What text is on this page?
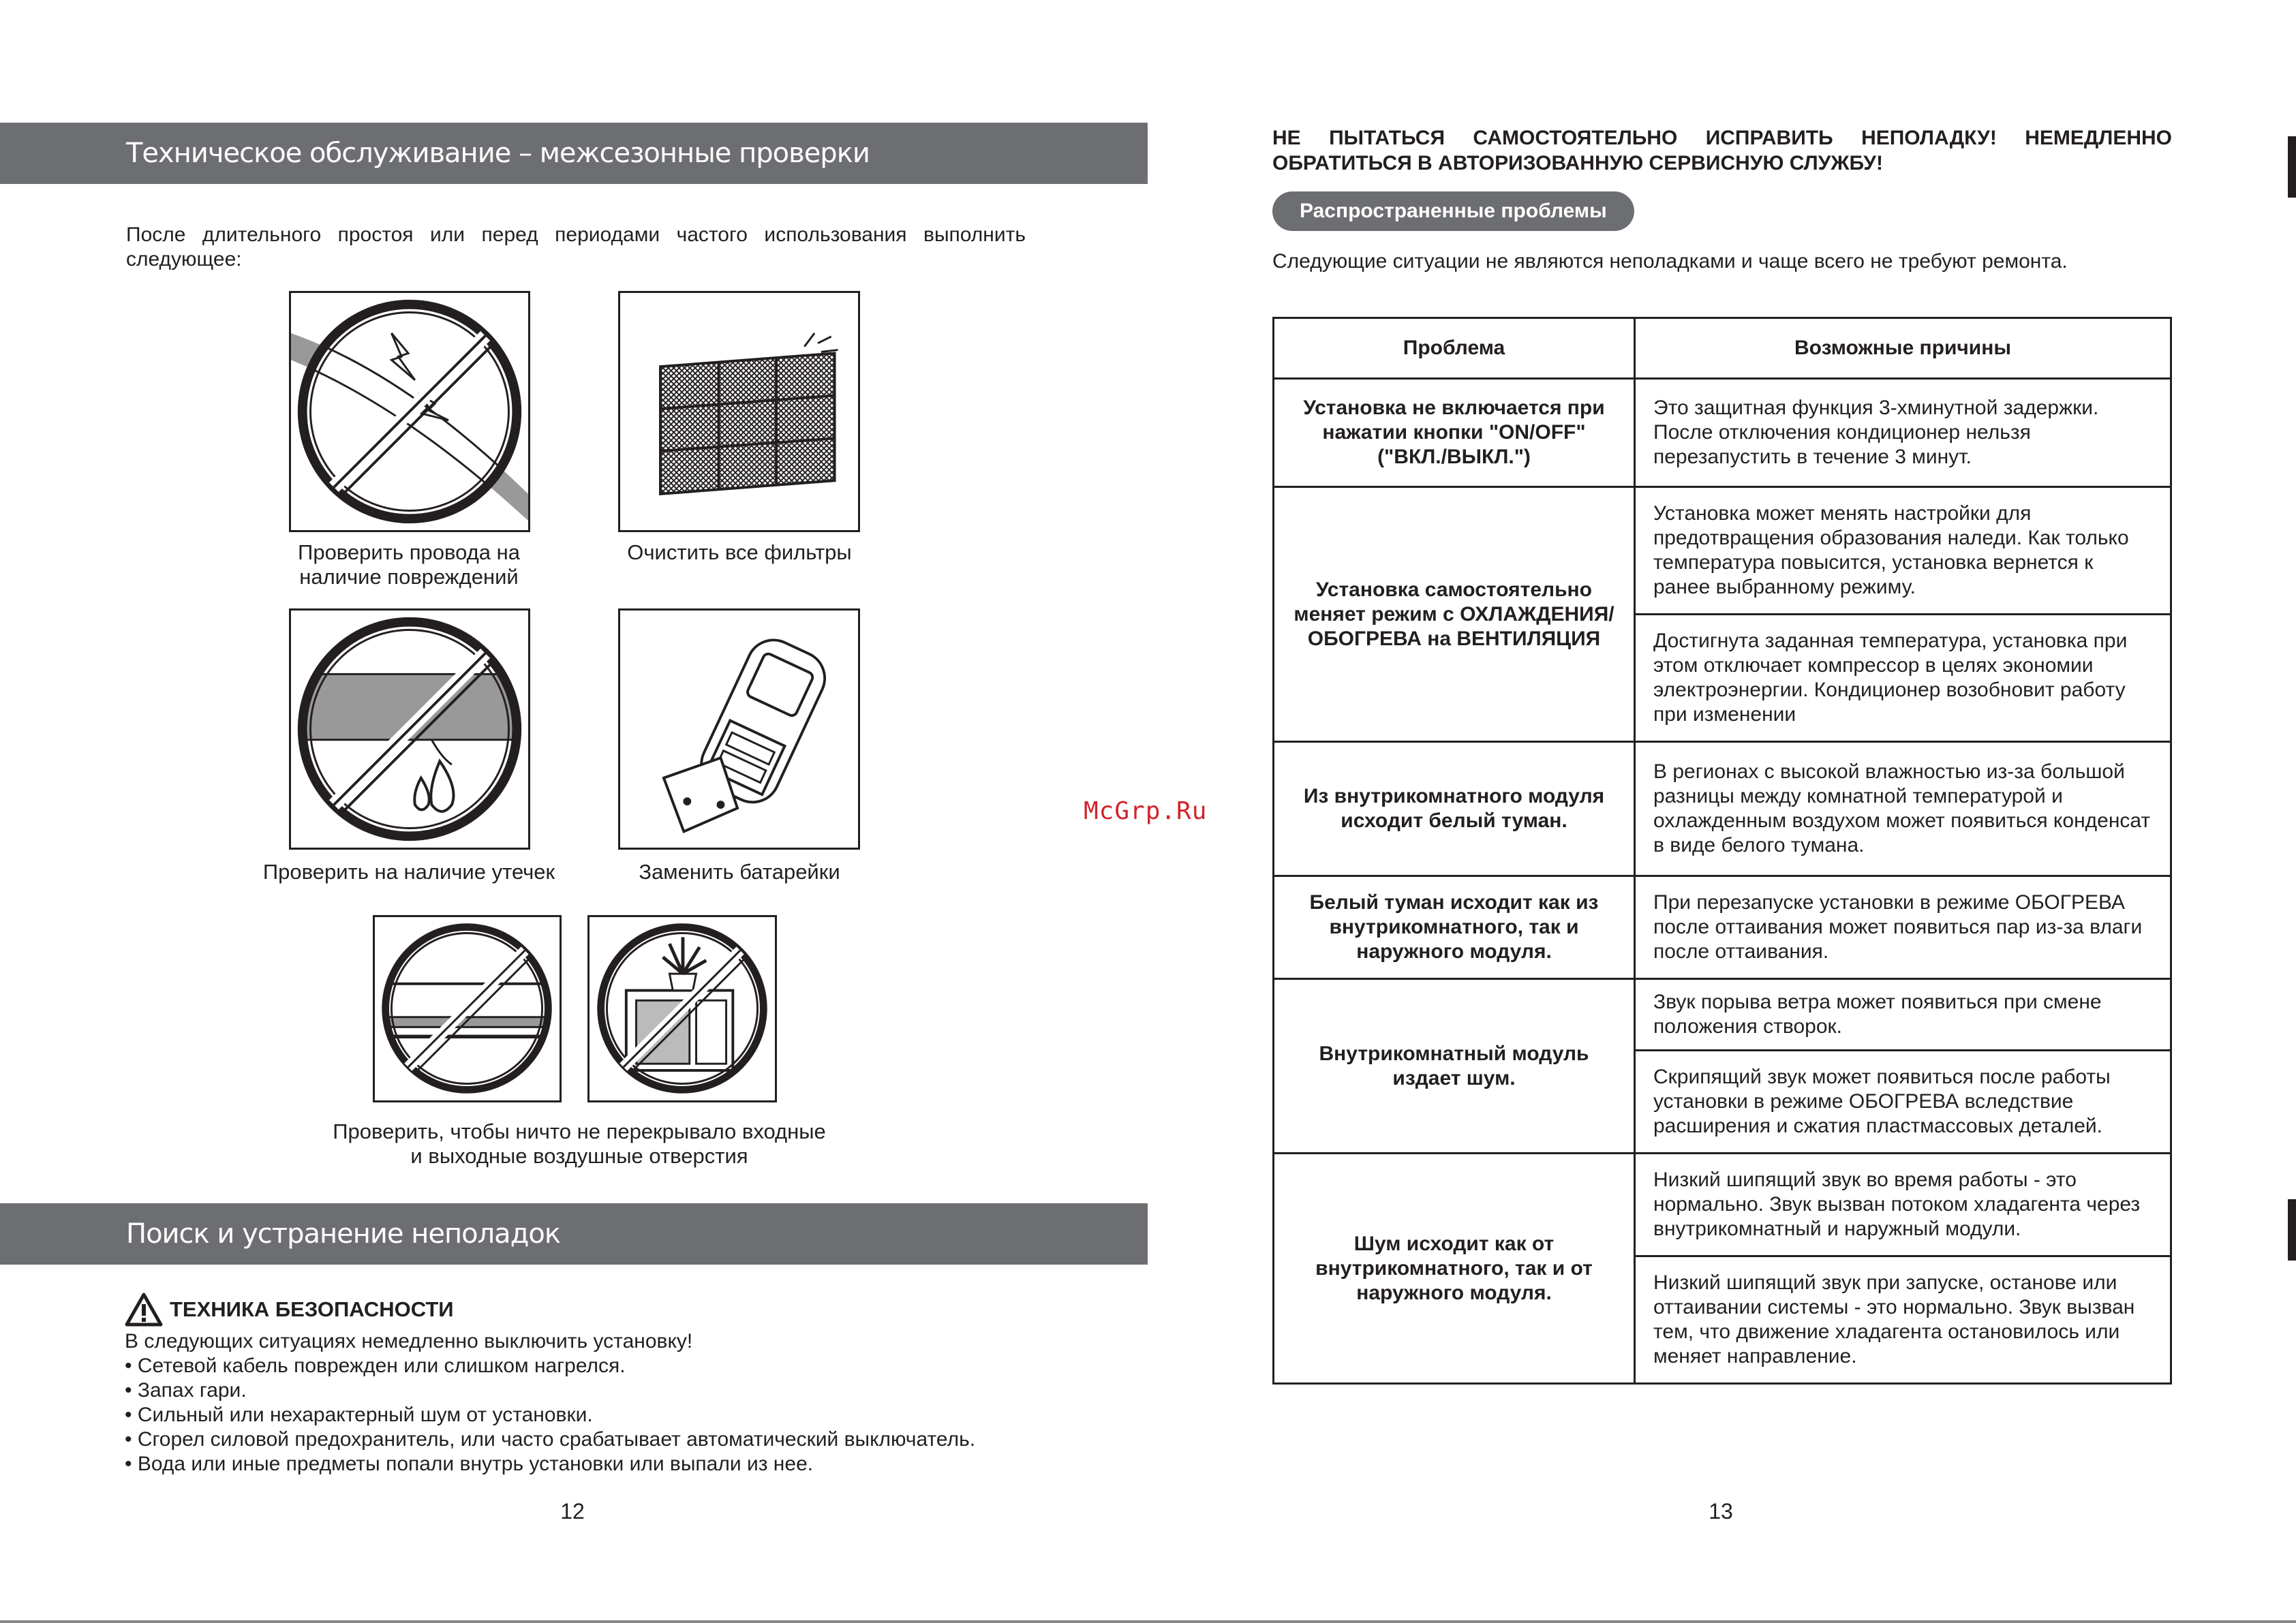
Техническое обслуживание – межсезонные проверки
После длительного простоя или перед периодами частого использования выполнить следующее:
Проверить провода на наличие повреждений
Очистить все фильтры
Проверить на наличие утечек	Заменить батарейки
Проверить, чтобы ничто не перекрывало входные и выходные воздушные отверстия
Поиск и устранение неполадок
ТЕХНИКА БЕЗОПАСНОСТИ
В следующих ситуациях немедленно выключить установку!
• Сетевой кабель поврежден или слишком нагрелся.
• Запах гари.
• Сильный или нехарактерный шум от установки.
• Сгорел силовой предохранитель, или часто срабатывает автоматический выключатель.
• Вода или иные предметы попали внутрь установки или выпали из нее.
12
НЕ ПЫТАТЬСЯ САМОСТОЯТЕЛЬНО ИСПРАВИТЬ НЕПОЛАДКУ! НЕМЕДЛЕННО ОБРАТИТЬСЯ В АВТОРИЗОВАННУЮ СЕРВИСНУЮ СЛУЖБУ!
Распространенные проблемы
Следующие ситуации не являются неполадками и чаще всего не требуют ремонта.
Проблема	Возможные причины
Установка не включается при нажатии кнопки "ON/OFF" ("ВКЛ./ВЫКЛ.")	Это защитная функция 3-хминутной задержки. После отключения кондиционер нельзя перезапустить в течение 3 минут.
Установка самостоятельно меняет режим с ОХЛАЖДЕНИЯ/ОБОГРЕВА на ВЕНТИЛЯЦИЯ	Установка может менять настройки для предотвращения образования наледи. Как только температура повысится, установка вернется к ранее выбранному режиму.
	Достигнута заданная температура, установка при этом отключает компрессор в целях экономии электроэнергии. Кондиционер возобновит работу при изменении
Из внутрикомнатного модуля исходит белый туман.	В регионах с высокой влажностью из-за большой разницы между комнатной температурой и охлажденным воздухом может появиться конденсат в виде белого тумана.
Белый туман исходит как из внутрикомнатного, так и наружного модуля.	При перезапуске установки в режиме ОБОГРЕВА после оттаивания может появиться пар из-за влаги после оттаивания.
Внутрикомнатный модуль издает шум.	Звук порыва ветра может появиться при смене положения створок.
	Скрипящий звук может появиться после работы установки в режиме ОБОГРЕВА вследствие расширения и сжатия пластмассовых деталей.
Шум исходит как от внутрикомнатного, так и от наружного модуля.	Низкий шипящий звук во время работы - это нормально. Звук вызван потоком хладагента через внутрикомнатный и наружный модули.
	Низкий шипящий звук при запуске, останове или оттаивании системы - это нормально. Звук вызван тем, что движение хладагента остановилось или меняет направление.
13
McGrp.Ru
